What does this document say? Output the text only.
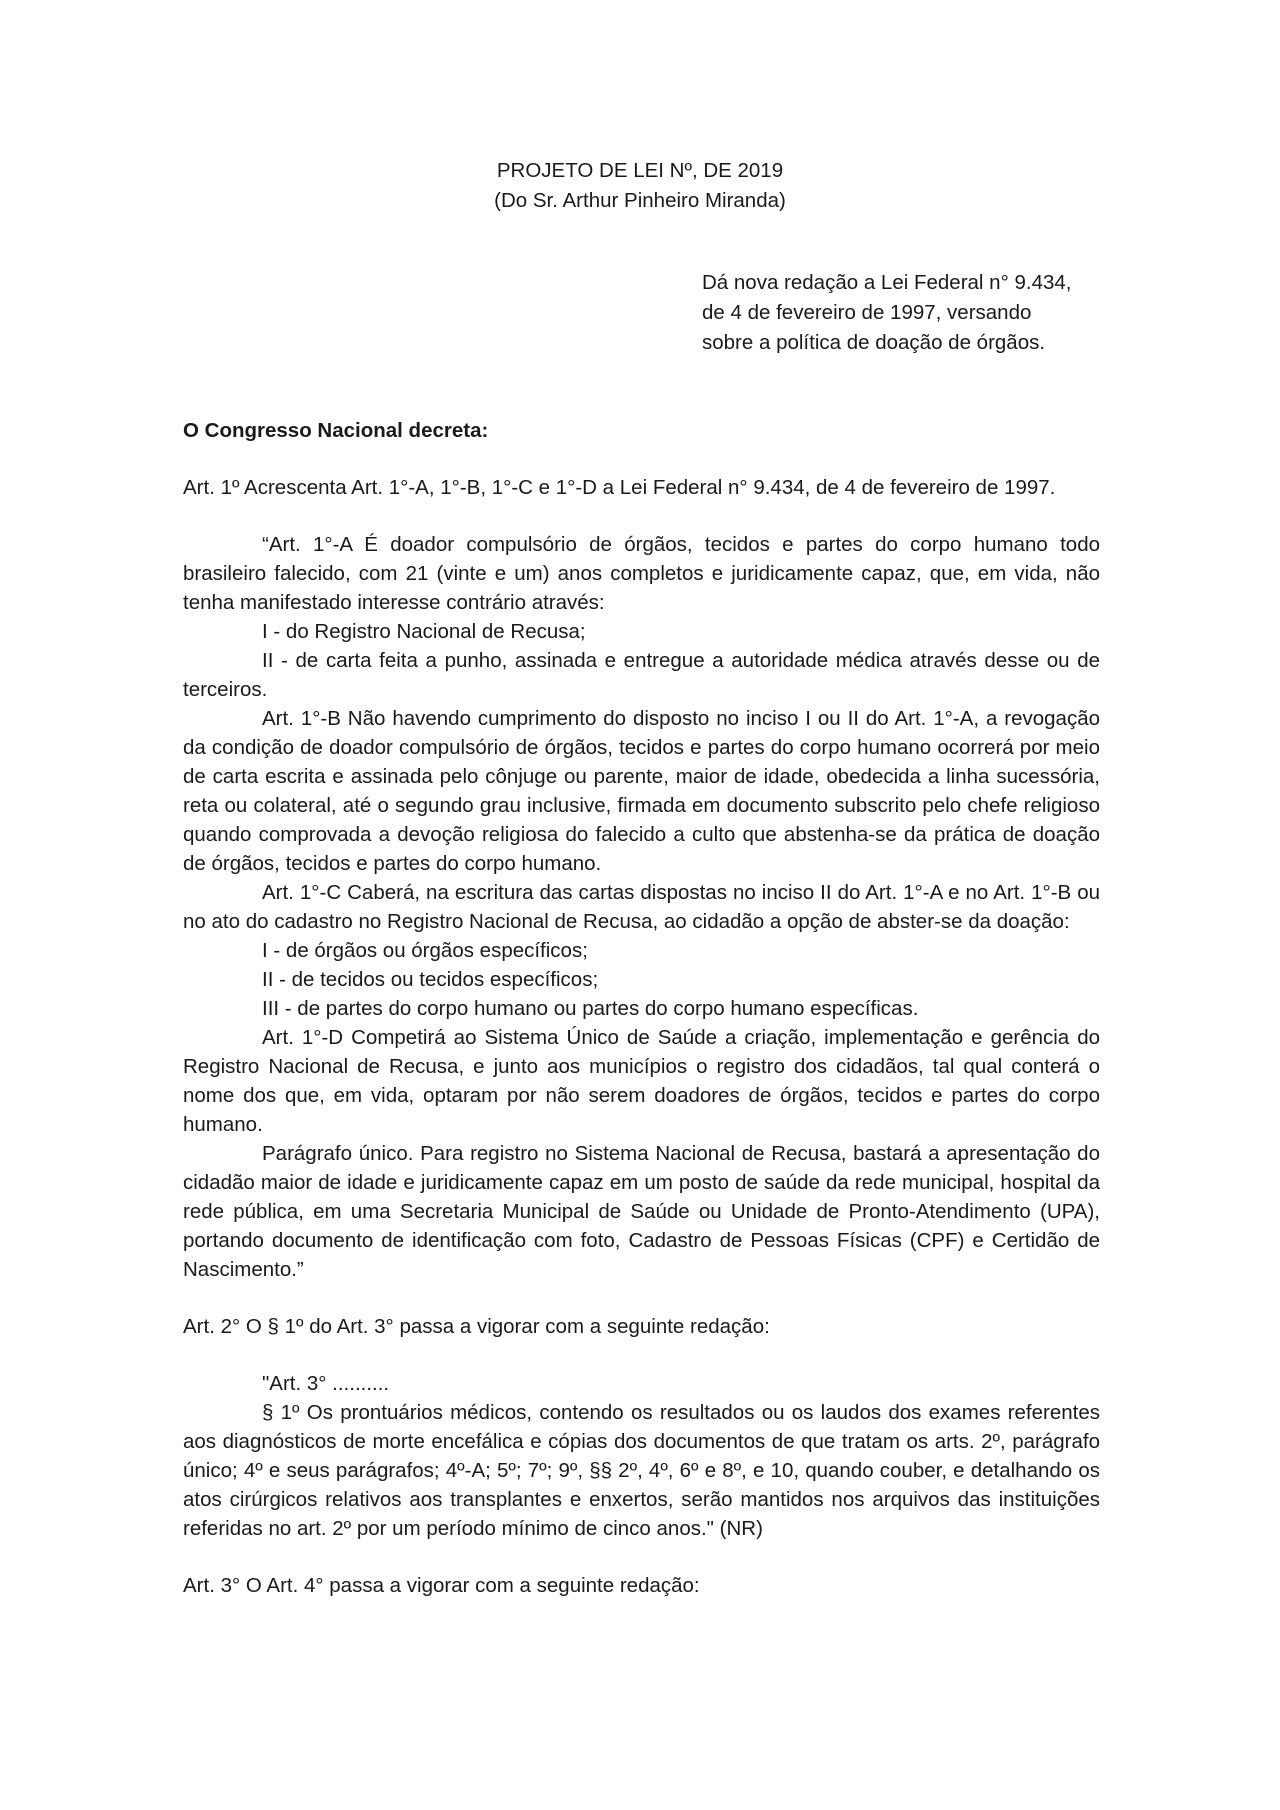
PROJETO DE LEI Nº, DE 2019
(Do Sr. Arthur Pinheiro Miranda)
Dá nova redação a Lei Federal n° 9.434,
de 4 de fevereiro de 1997, versando
sobre a política de doação de órgãos.

O Congresso Nacional decreta:

Art. 1º Acrescenta Art. 1°-A, 1°-B, 1°-C e 1°-D a Lei Federal n° 9.434, de 4 de fevereiro de 1997.

“Art. 1°-A É doador compulsório de órgãos, tecidos e partes do corpo humano todo brasileiro falecido, com 21 (vinte e um) anos completos e juridicamente capaz, que, em vida, não tenha manifestado interesse contrário através:

I - do Registro Nacional de Recusa;

II - de carta feita a punho, assinada e entregue a autoridade médica através desse ou de terceiros.

Art. 1°-B Não havendo cumprimento do disposto no inciso I ou II do Art. 1°-A, a revogação da condição de doador compulsório de órgãos, tecidos e partes do corpo humano ocorrerá por meio de carta escrita e assinada pelo cônjuge ou parente, maior de idade, obedecida a linha sucessória, reta ou colateral, até o segundo grau inclusive, firmada em documento subscrito pelo chefe religioso quando comprovada a devoção religiosa do falecido a culto que abstenha-se da prática de doação de órgãos, tecidos e partes do corpo humano.

Art. 1°-C Caberá, na escritura das cartas dispostas no inciso II do Art. 1°-A e no Art. 1°-B ou no ato do cadastro no Registro Nacional de Recusa, ao cidadão a opção de abster-se da doação:

I - de órgãos ou órgãos específicos;

II - de tecidos ou tecidos específicos;

III - de partes do corpo humano ou partes do corpo humano específicas.

Art. 1°-D Competirá ao Sistema Único de Saúde a criação, implementação e gerência do Registro Nacional de Recusa, e junto aos municípios o registro dos cidadãos, tal qual conterá o nome dos que, em vida, optaram por não serem doadores de órgãos, tecidos e partes do corpo humano.

Parágrafo único. Para registro no Sistema Nacional de Recusa, bastará a apresentação do cidadão maior de idade e juridicamente capaz em um posto de saúde da rede municipal, hospital da rede pública, em uma Secretaria Municipal de Saúde ou Unidade de Pronto-Atendimento (UPA), portando documento de identificação com foto, Cadastro de Pessoas Físicas (CPF) e Certidão de Nascimento.”

Art. 2° O § 1º do Art. 3° passa a vigorar com a seguinte redação:

"Art. 3° ..........

§ 1º Os prontuários médicos, contendo os resultados ou os laudos dos exames referentes aos diagnósticos de morte encefálica e cópias dos documentos de que tratam os arts. 2º, parágrafo único; 4º e seus parágrafos; 4º-A; 5º; 7º; 9º, §§ 2º, 4º, 6º e 8º, e 10, quando couber, e detalhando os atos cirúrgicos relativos aos transplantes e enxertos, serão mantidos nos arquivos das instituições referidas no art. 2º por um período mínimo de cinco anos." (NR)

Art. 3° O Art. 4° passa a vigorar com a seguinte redação:
